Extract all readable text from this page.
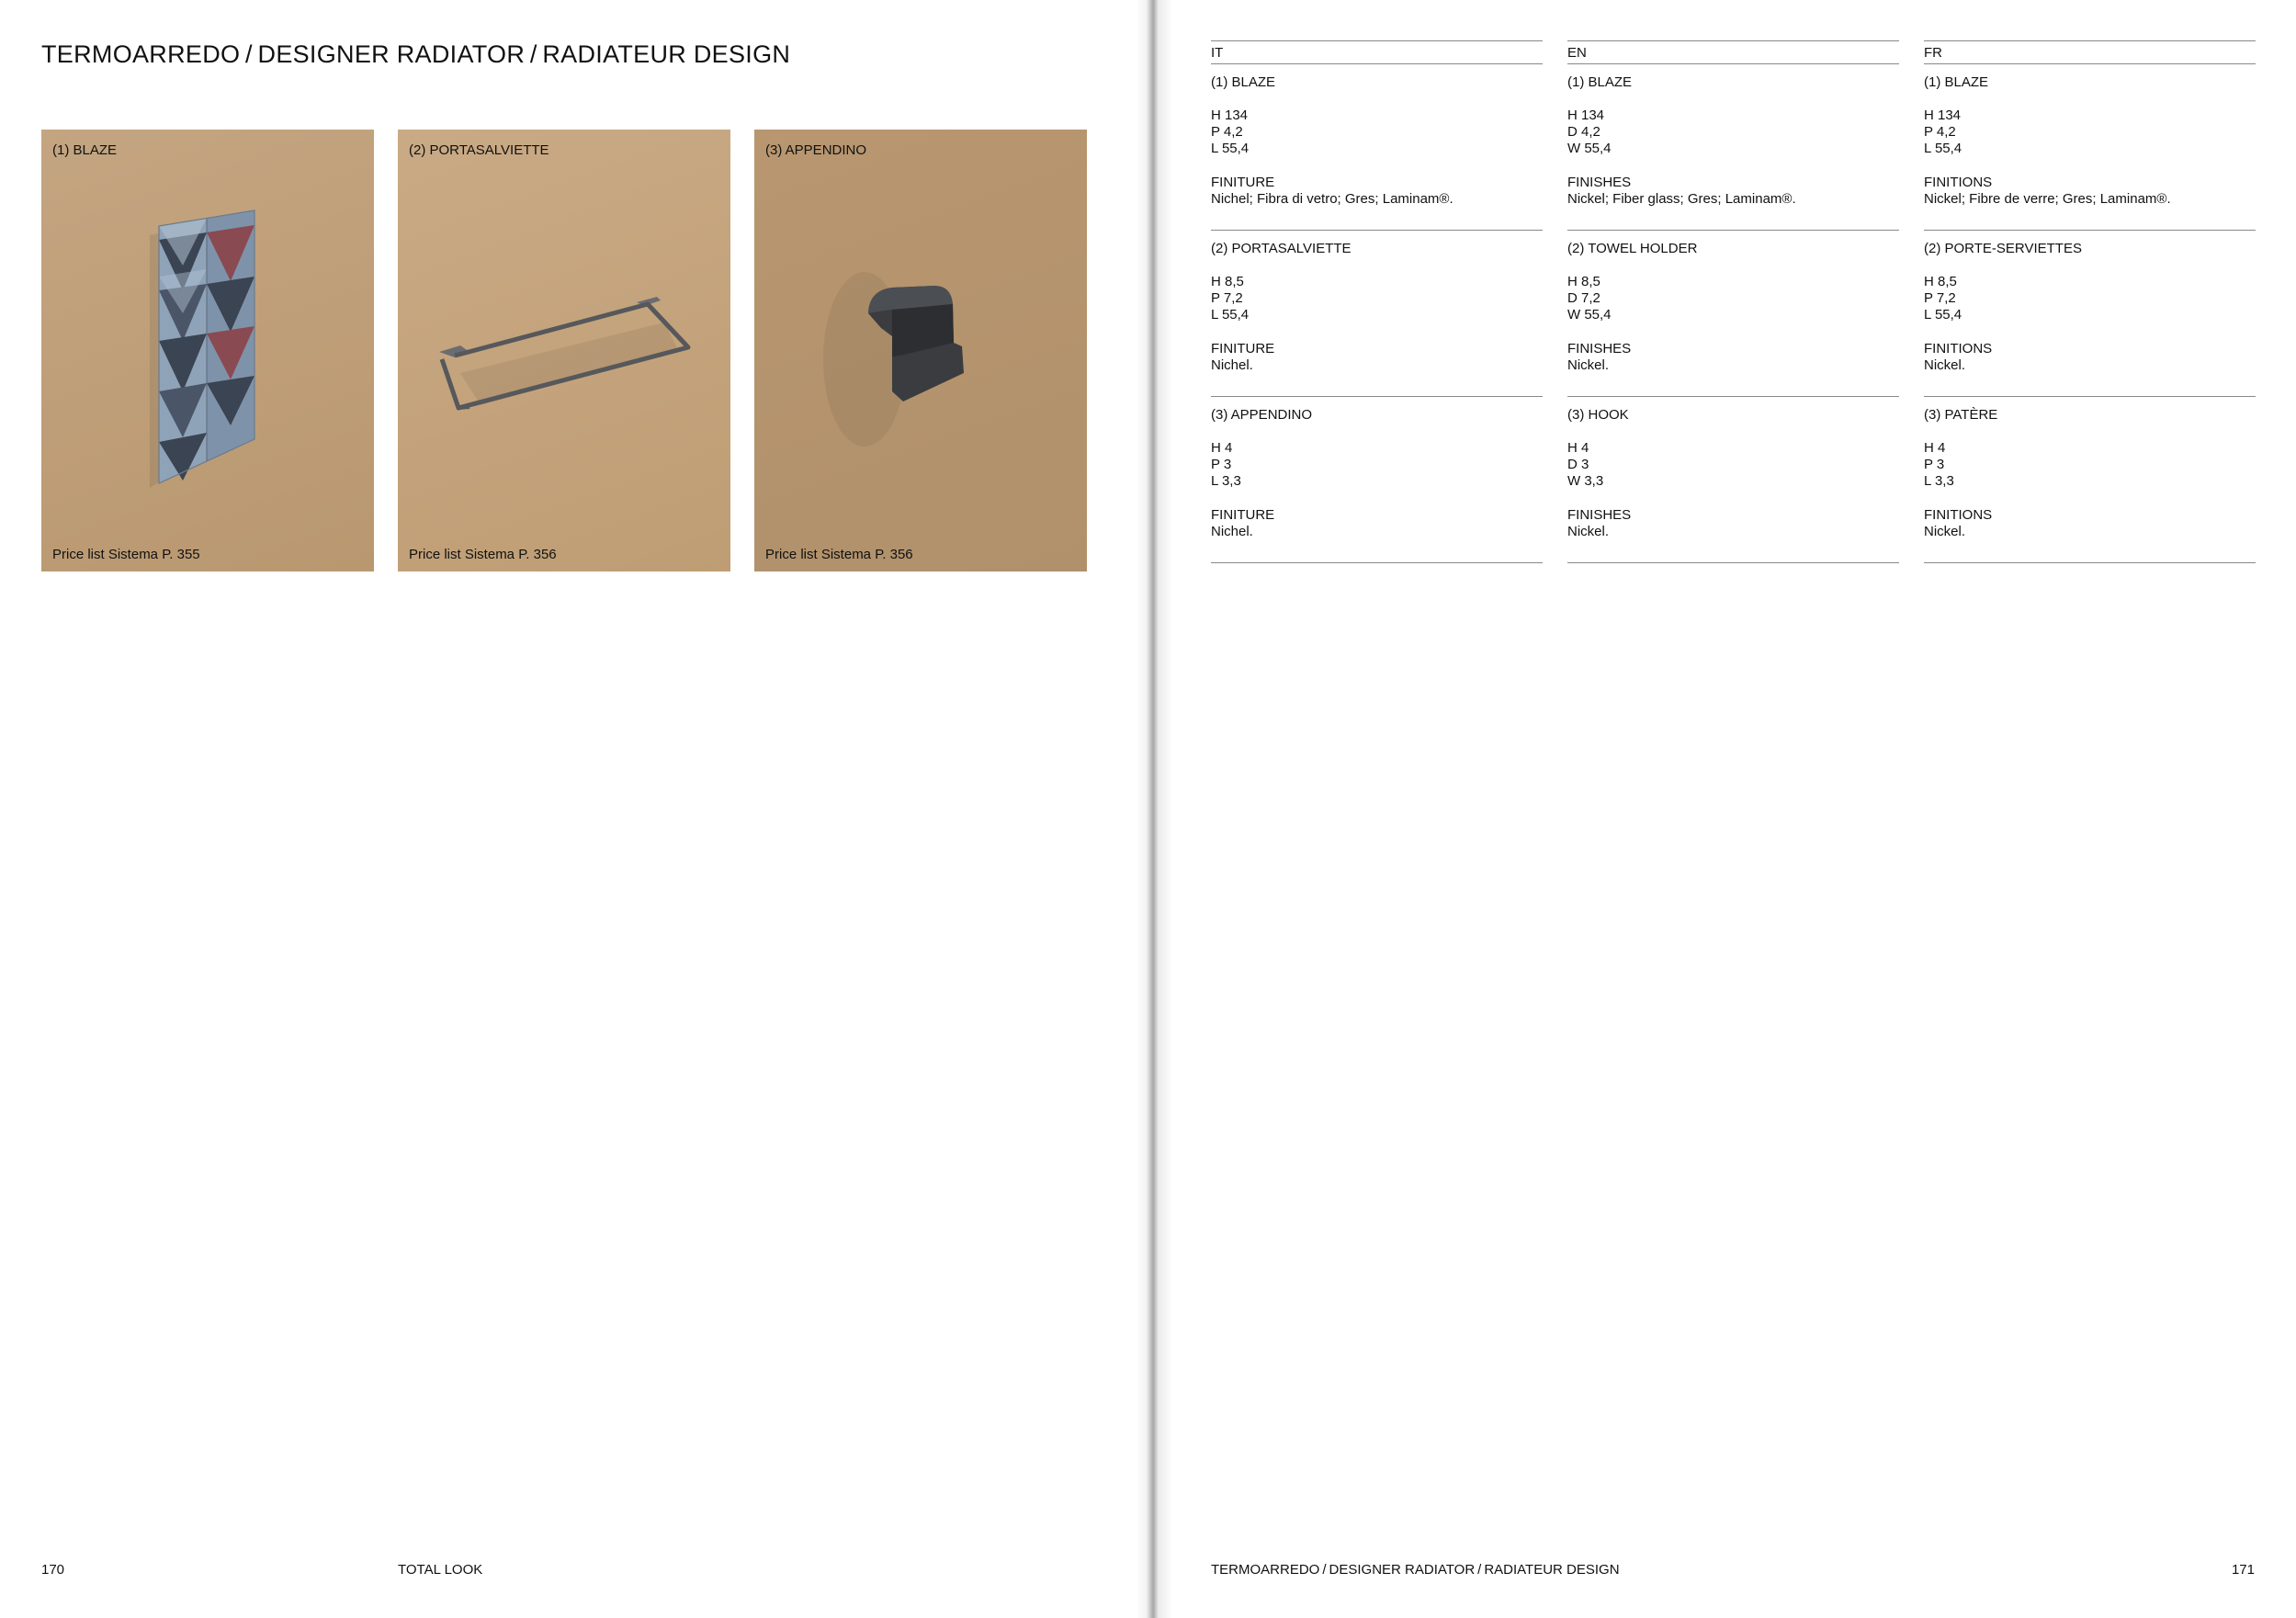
TERMOARREDO / DESIGNER RADIATOR / RADIATEUR DESIGN
(1) BLAZE
Price list Sistema P. 355
(2) PORTASALVIETTE
Price list Sistema P. 356
(3) APPENDINO
Price list Sistema P. 356
170	TOTAL LOOK
IT
(1) BLAZE
H 134
P 4,2
L 55,4
FINITURE
Nichel; Fibra di vetro; Gres; Laminam®.
(2) PORTASALVIETTE
H 8,5
P 7,2
L 55,4
FINITURE
Nichel.
(3) APPENDINO
H 4
P 3
L 3,3
FINITURE
Nichel.
EN
(1) BLAZE
H 134
D 4,2
W 55,4
FINISHES
Nickel; Fiber glass; Gres; Laminam®.
(2) TOWEL HOLDER
H 8,5
D 7,2
W 55,4
FINISHES
Nickel.
(3) HOOK
H 4
D 3
W 3,3
FINISHES
Nickel.
FR
(1) BLAZE
H 134
P 4,2
L 55,4
FINITIONS
Nickel; Fibre de verre; Gres; Laminam®.
(2) PORTE-SERVIETTES
H 8,5
P 7,2
L 55,4
FINITIONS
Nickel.
(3) PATÈRE
H 4
P 3
L 3,3
FINITIONS
Nickel.
TERMOARREDO / DESIGNER RADIATOR / RADIATEUR DESIGN	171
